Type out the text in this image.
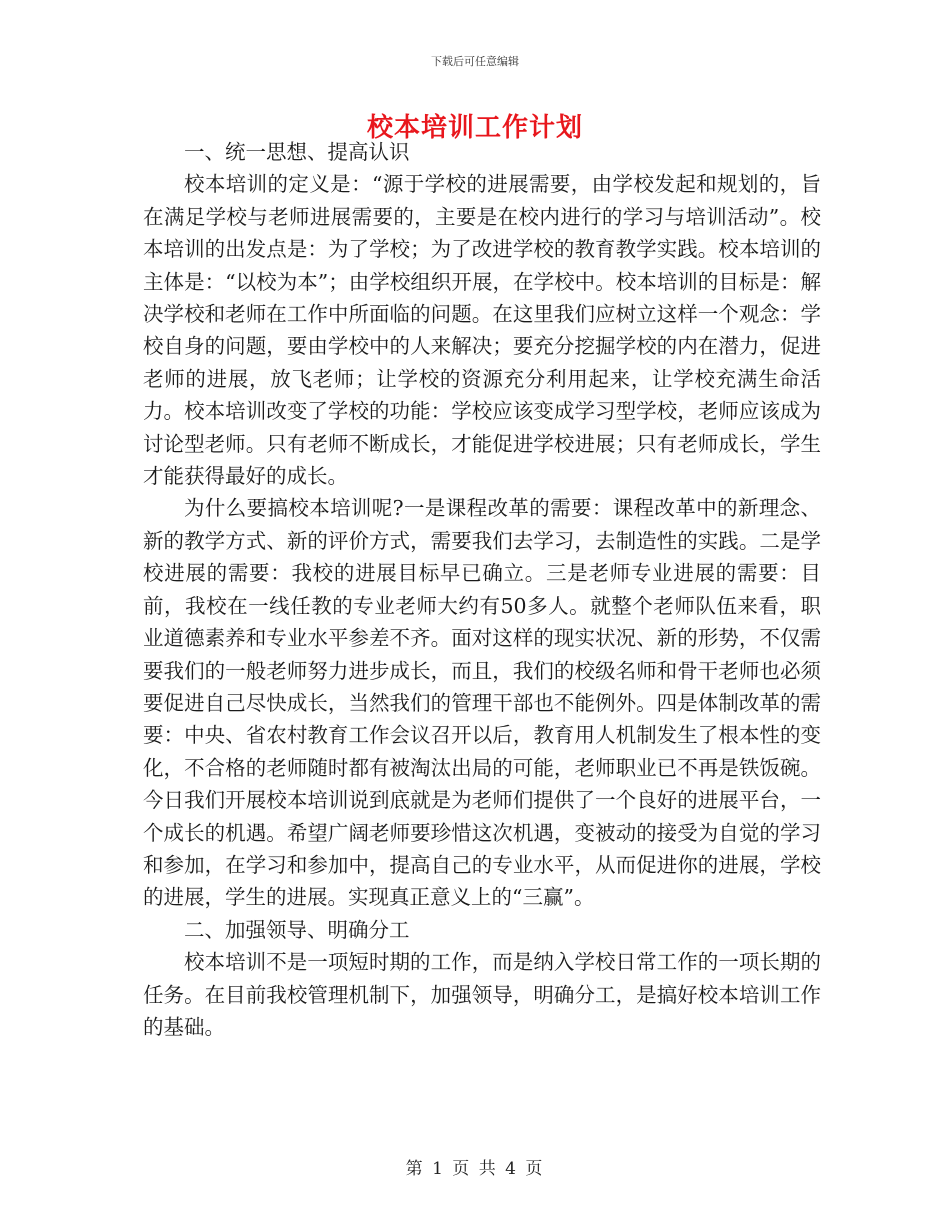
下载后可任意编辑
校本培训工作计划

一、统一思想、提高认识

校本培训的定义是：“源于学校的进展需要，由学校发起和规划的，旨在满足学校与老师进展需要的，主要是在校内进行的学习与培训活动”。校本培训的出发点是：为了学校；为了改进学校的教育教学实践。校本培训的主体是：“以校为本”；由学校组织开展，在学校中。校本培训的目标是：解决学校和老师在工作中所面临的问题。在这里我们应树立这样一个观念：学校自身的问题，要由学校中的人来解决；要充分挖掘学校的内在潜力，促进老师的进展，放飞老师；让学校的资源充分利用起来，让学校充满生命活力。校本培训改变了学校的功能：学校应该变成学习型学校，老师应该成为讨论型老师。只有老师不断成长，才能促进学校进展；只有老师成长，学生才能获得最好的成长。

为什么要搞校本培训呢?一是课程改革的需要：课程改革中的新理念、新的教学方式、新的评价方式，需要我们去学习，去制造性的实践。二是学校进展的需要：我校的进展目标早已确立。三是老师专业进展的需要：目前，我校在一线任教的专业老师大约有50多人。就整个老师队伍来看，职业道德素养和专业水平参差不齐。面对这样的现实状况、新的形势，不仅需要我们的一般老师努力进步成长，而且，我们的校级名师和骨干老师也必须要促进自己尽快成长，当然我们的管理干部也不能例外。四是体制改革的需要：中央、省农村教育工作会议召开以后，教育用人机制发生了根本性的变化，不合格的老师随时都有被淘汰出局的可能，老师职业已不再是铁饭碗。今日我们开展校本培训说到底就是为老师们提供了一个良好的进展平台，一个成长的机遇。希望广阔老师要珍惜这次机遇，变被动的接受为自觉的学习和参加，在学习和参加中，提高自己的专业水平，从而促进你的进展，学校的进展，学生的进展。实现真正意义上的“三赢”。

二、加强领导、明确分工

校本培训不是一项短时期的工作，而是纳入学校日常工作的一项长期的任务。在目前我校管理机制下，加强领导，明确分工，是搞好校本培训工作的基础。

第 1 页 共 4 页
